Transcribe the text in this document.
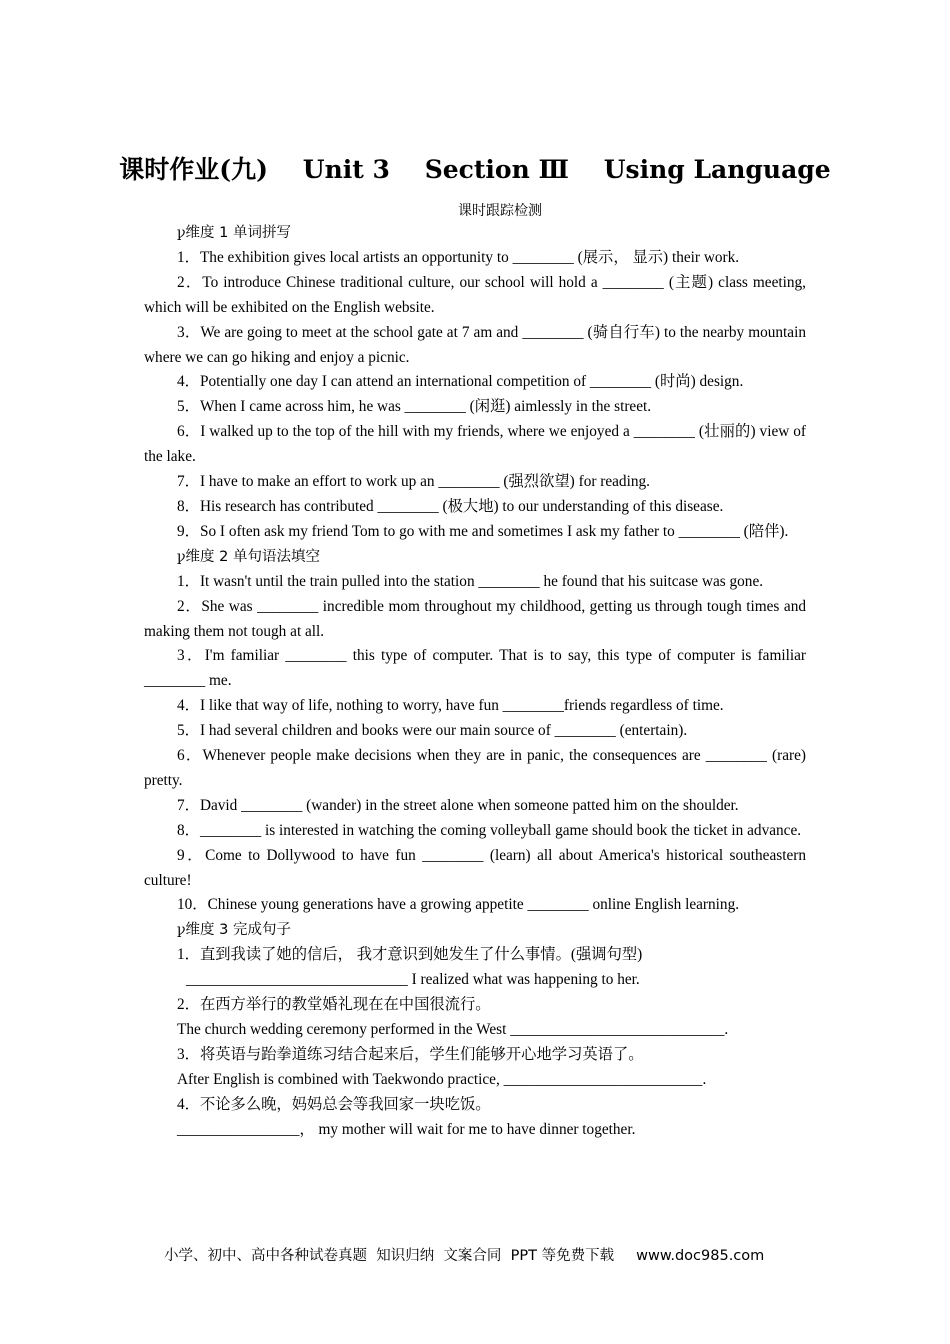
课时作业(九)    Unit 3    Section Ⅲ    Using Language
课时跟踪检测

ꝩ维度 1 单词拼写

1．The exhibition gives local artists an opportunity to ________ (展示， 显示) their work.

2．To introduce Chinese traditional culture, our school will hold a ________ (主题) class meeting, which will be exhibited on the English website.

3．We are going to meet at the school gate at 7 am and ________ (骑自行车) to the nearby mountain where we can go hiking and enjoy a picnic.

4．Potentially one day I can attend an international competition of ________ (时尚) design.

5．When I came across him, he was ________ (闲逛) aimlessly in the street.

6．I walked up to the top of the hill with my friends, where we enjoyed a ________ (壮丽的) view of the lake.

7．I have to make an effort to work up an ________ (强烈欲望) for reading.

8．His research has contributed ________ (极大地) to our understanding of this disease.

9．So I often ask my friend Tom to go with me and sometimes I ask my father to ________ (陪伴).

ꝩ维度 2 单句语法填空

1．It wasn't until the train pulled into the station ________ he found that his suitcase was gone.

2．She was ________ incredible mom throughout my childhood, getting us through tough times and making them not tough at all.

3．I'm familiar ________ this type of computer. That is to say, this type of computer is familiar ________ me.

4．I like that way of life, nothing to worry, have fun ________friends regardless of time.

5．I had several children and books were our main source of ________ (entertain).

6．Whenever people make decisions when they are in panic, the consequences are ________ (rare) pretty.

7．David ________ (wander) in the street alone when someone patted him on the shoulder.

8．________ is interested in watching the coming volleyball game should book the ticket in advance.

9．Come to Dollywood to have fun ________ (learn) all about America's historical southeastern culture!

10．Chinese young generations have a growing appetite ________ online English learning.

ꝩ维度 3 完成句子

1．直到我读了她的信后， 我才意识到她发生了什么事情。(强调句型)

_____________________________ I realized what was happening to her.

2．在西方举行的教堂婚礼现在在中国很流行。

The church wedding ceremony performed in the West ____________________________.

3．将英语与跆拳道练习结合起来后，学生们能够开心地学习英语了。

After English is combined with Taekwondo practice, __________________________.

4．不论多么晚，妈妈总会等我回家一块吃饭。

________________， my mother will wait for me to have dinner together.

小学、初中、高中各种试卷真题  知识归纳  文案合同  PPT 等免费下载 www.doc985.com
